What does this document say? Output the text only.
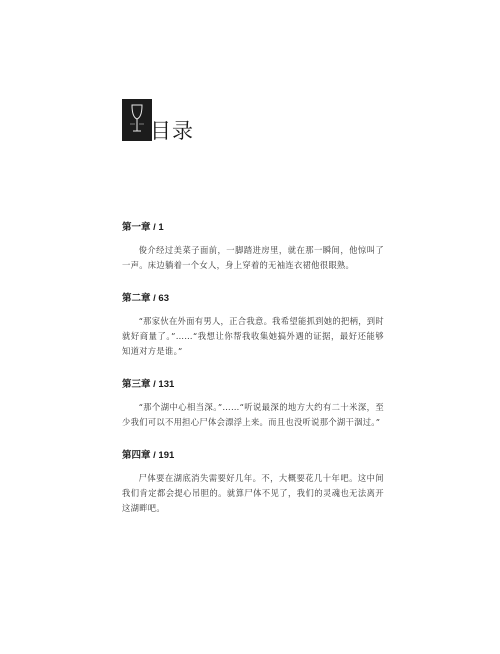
目录
第一章 / 1

俊介经过美菜子面前，一脚踏进房里，就在那一瞬间，他惊叫了一声。床边躺着一个女人，身上穿着的无袖连衣裙他很眼熟。

第二章 / 63

“那家伙在外面有男人，正合我意。我希望能抓到她的把柄，到时就好商量了。”……“我想让你帮我收集她搞外遇的证据，最好还能够知道对方是谁。”

第三章 / 131

“那个湖中心相当深。”……“听说最深的地方大约有二十米深，至少我们可以不用担心尸体会漂浮上来。而且也没听说那个湖干涸过。”

第四章 / 191

尸体要在湖底消失需要好几年。不，大概要花几十年吧。这中间我们肯定都会提心吊胆的。就算尸体不见了，我们的灵魂也无法离开这湖畔吧。
